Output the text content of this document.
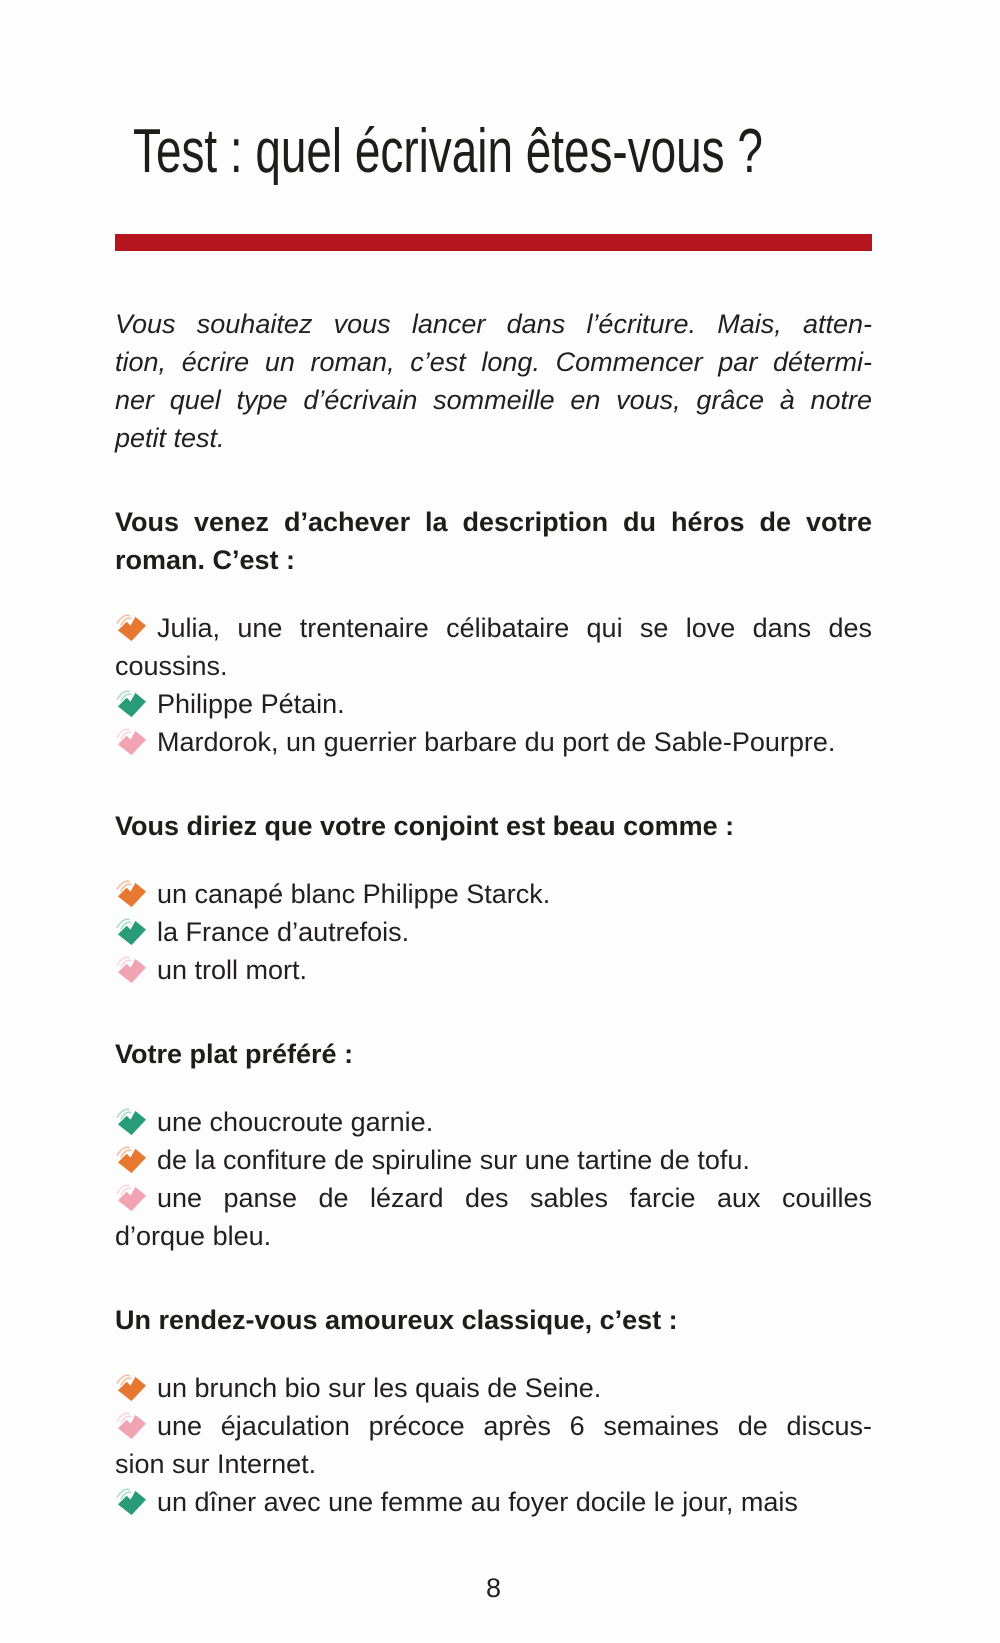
Test : quel écrivain êtes-vous ?

Vous souhaitez vous lancer dans l’écriture. Mais, atten-

tion, écrire un roman, c’est long. Commencer par détermi-

ner quel type d’écrivain sommeille en vous, grâce à notre

petit test.

Vous venez d’achever la description du héros de votre

roman. C’est :

Julia, une trentenaire célibataire qui se love dans des

coussins.

Philippe Pétain.

Mardorok, un guerrier barbare du port de Sable-Pourpre.

Vous diriez que votre conjoint est beau comme :

un canapé blanc Philippe Starck.

la France d’autrefois.

un troll mort.

Votre plat préféré :

une choucroute garnie.

de la confiture de spiruline sur une tartine de tofu.

une panse de lézard des sables farcie aux couilles

d’orque bleu.

Un rendez-vous amoureux classique, c’est :

un brunch bio sur les quais de Seine.

une éjaculation précoce après 6 semaines de discus-

sion sur Internet.

un dîner avec une femme au foyer docile le jour, mais

8
